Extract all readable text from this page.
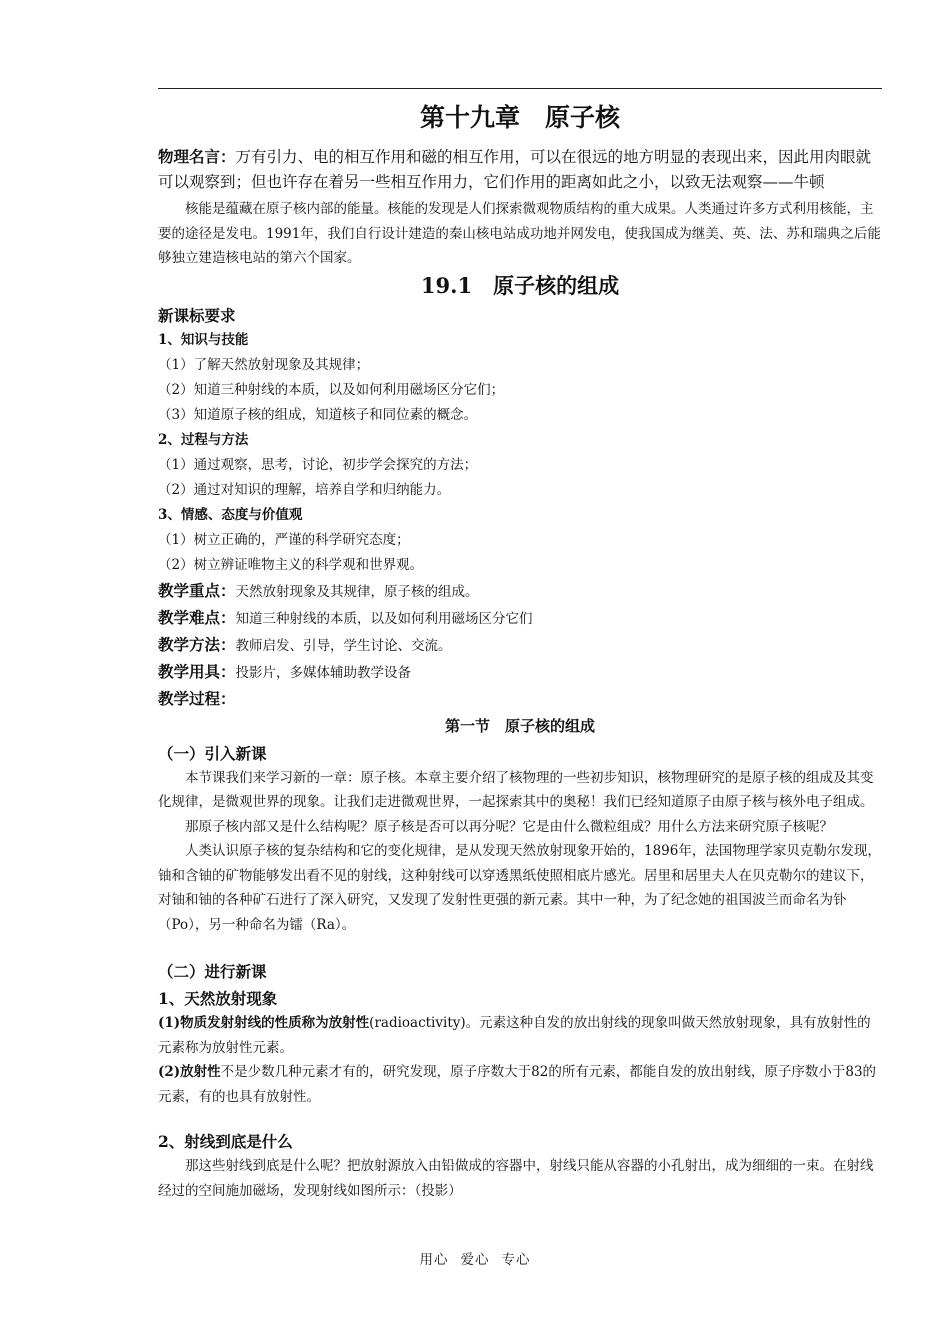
第十九章　原子核
物理名言：万有引力、电的相互作用和磁的相互作用，可以在很远的地方明显的表现出来，因此用肉眼就可以观察到；但也许存在着另一些相互作用力，它们作用的距离如此之小，以致无法观察——牛顿
核能是蕴藏在原子核内部的能量。核能的发现是人们探索微观物质结构的重大成果。人类通过许多方式利用核能，主要的途径是发电。1991年，我们自行设计建造的秦山核电站成功地并网发电，使我国成为继美、英、法、苏和瑞典之后能够独立建造核电站的第六个国家。
19.1　原子核的组成
新课标要求
1、知识与技能
（1）了解天然放射现象及其规律；
（2）知道三种射线的本质，以及如何利用磁场区分它们；
（3）知道原子核的组成，知道核子和同位素的概念。
2、过程与方法
（1）通过观察，思考，讨论，初步学会探究的方法；
（2）通过对知识的理解，培养自学和归纳能力。
3、情感、态度与价值观
（1）树立正确的，严谨的科学研究态度；
（2）树立辨证唯物主义的科学观和世界观。
教学重点：天然放射现象及其规律，原子核的组成。
教学难点：知道三种射线的本质，以及如何利用磁场区分它们
教学方法：教师启发、引导，学生讨论、交流。
教学用具：投影片，多媒体辅助教学设备
教学过程：
第一节　原子核的组成
（一）引入新课
本节课我们来学习新的一章：原子核。本章主要介绍了核物理的一些初步知识，核物理研究的是原子核的组成及其变化规律，是微观世界的现象。让我们走进微观世界，一起探索其中的奥秘！我们已经知道原子由原子核与核外电子组成。
那原子核内部又是什么结构呢？原子核是否可以再分呢？它是由什么微粒组成？用什么方法来研究原子核呢？
人类认识原子核的复杂结构和它的变化规律，是从发现天然放射现象开始的，1896年，法国物理学家贝克勒尔发现，铀和含铀的矿物能够发出看不见的射线，这种射线可以穿透黑纸使照相底片感光。居里和居里夫人在贝克勒尔的建议下，对铀和铀的各种矿石进行了深入研究，又发现了发射性更强的新元素。其中一种，为了纪念她的祖国波兰而命名为钋（Po），另一种命名为镭（Ra）。
（二）进行新课
1、天然放射现象
(1)物质发射射线的性质称为放射性(radioactivity)。元素这种自发的放出射线的现象叫做天然放射现象，具有放射性的元素称为放射性元素。
(2)放射性不是少数几种元素才有的，研究发现，原子序数大于82的所有元素，都能自发的放出射线，原子序数小于83的元素，有的也具有放射性。
2、射线到底是什么
那这些射线到底是什么呢？把放射源放入由铅做成的容器中，射线只能从容器的小孔射出，成为细细的一束。在射线经过的空间施加磁场，发现射线如图所示：（投影）
用心 爱心 专心
